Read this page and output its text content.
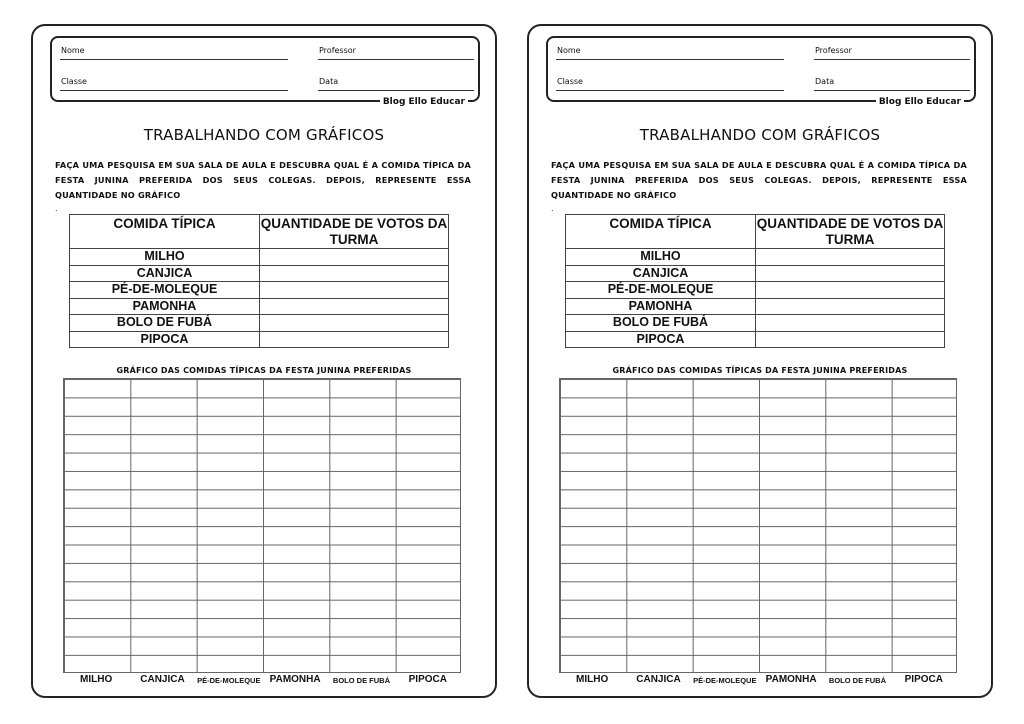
Nome	Professor
Classe	Data
Blog Ello Educar
TRABALHANDO COM GRÁFICOS
FAÇA UMA PESQUISA EM SUA SALA DE AULA E DESCUBRA QUAL É A COMIDA TÍPICA DA FESTA JUNINA PREFERIDA DOS SEUS COLEGAS. DEPOIS, REPRESENTE ESSA QUANTIDADE NO GRÁFICO
.
COMIDA TÍPICA	QUANTIDADE DE VOTOS DA TURMA
MILHO	
CANJICA	
PÉ-DE-MOLEQUE	
PAMONHA	
BOLO DE FUBÁ	
PIPOCA	
GRÁFICO DAS COMIDAS TÍPICAS DA FESTA JUNINA PREFERIDAS
MILHO	CANJICA	PÉ-DE-MOLEQUE PAMONHA	BOLO DE FUBÁ	PIPOCA
Nome	Professor
Classe	Data
Blog Ello Educar
TRABALHANDO COM GRÁFICOS
FAÇA UMA PESQUISA EM SUA SALA DE AULA E DESCUBRA QUAL É A COMIDA TÍPICA DA FESTA JUNINA PREFERIDA DOS SEUS COLEGAS. DEPOIS, REPRESENTE ESSA QUANTIDADE NO GRÁFICO
.
COMIDA TÍPICA	QUANTIDADE DE VOTOS DA TURMA
MILHO	
CANJICA	
PÉ-DE-MOLEQUE	
PAMONHA	
BOLO DE FUBÁ	
PIPOCA	
GRÁFICO DAS COMIDAS TÍPICAS DA FESTA JUNINA PREFERIDAS
MILHO	CANJICA	PÉ-DE-MOLEQUE PAMONHA	BOLO DE FUBÁ	PIPOCA
